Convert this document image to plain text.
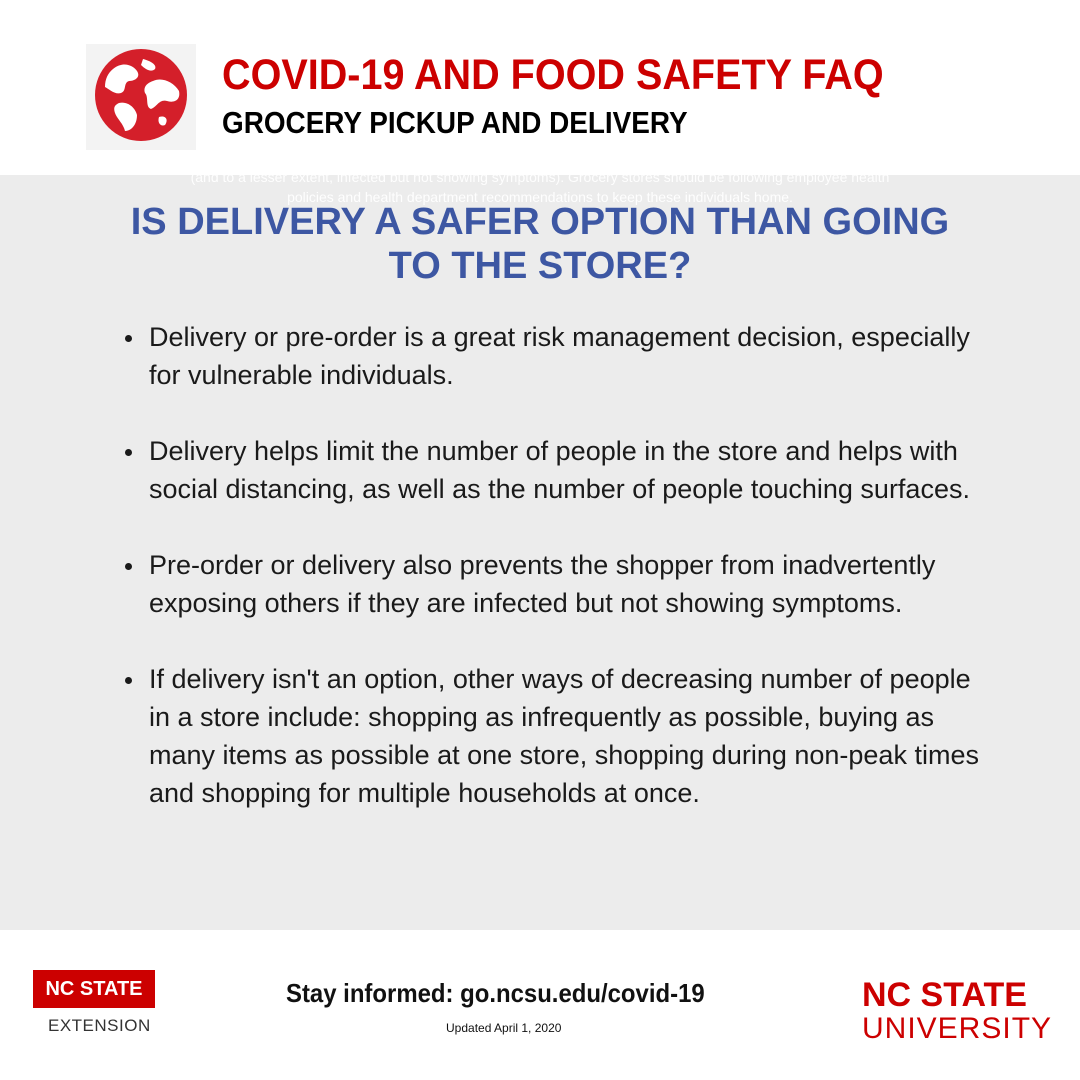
COVID-19 AND FOOD SAFETY FAQ
GROCERY PICKUP AND DELIVERY
(and to a lesser extent, infected but not showing symptoms). Grocery stores should be following employee health
policies and health department recommendations to keep these individuals home.
IS DELIVERY A SAFER OPTION THAN GOING TO THE STORE?
Delivery or pre-order is a great risk management decision, especially for vulnerable individuals.
Delivery helps limit the number of people in the store and helps with social distancing, as well as the number of people touching surfaces.
Pre-order or delivery also prevents the shopper from inadvertently exposing others if they are infected but not showing symptoms.
If delivery isn't an option, other ways of decreasing number of people in a store include: shopping as infrequently as possible, buying as many items as possible at one store, shopping during non-peak times and shopping for multiple households at once.
NC STATE
EXTENSION
Stay informed: go.ncsu.edu/covid-19
Updated April 1, 2020
NC STATE
UNIVERSITY
